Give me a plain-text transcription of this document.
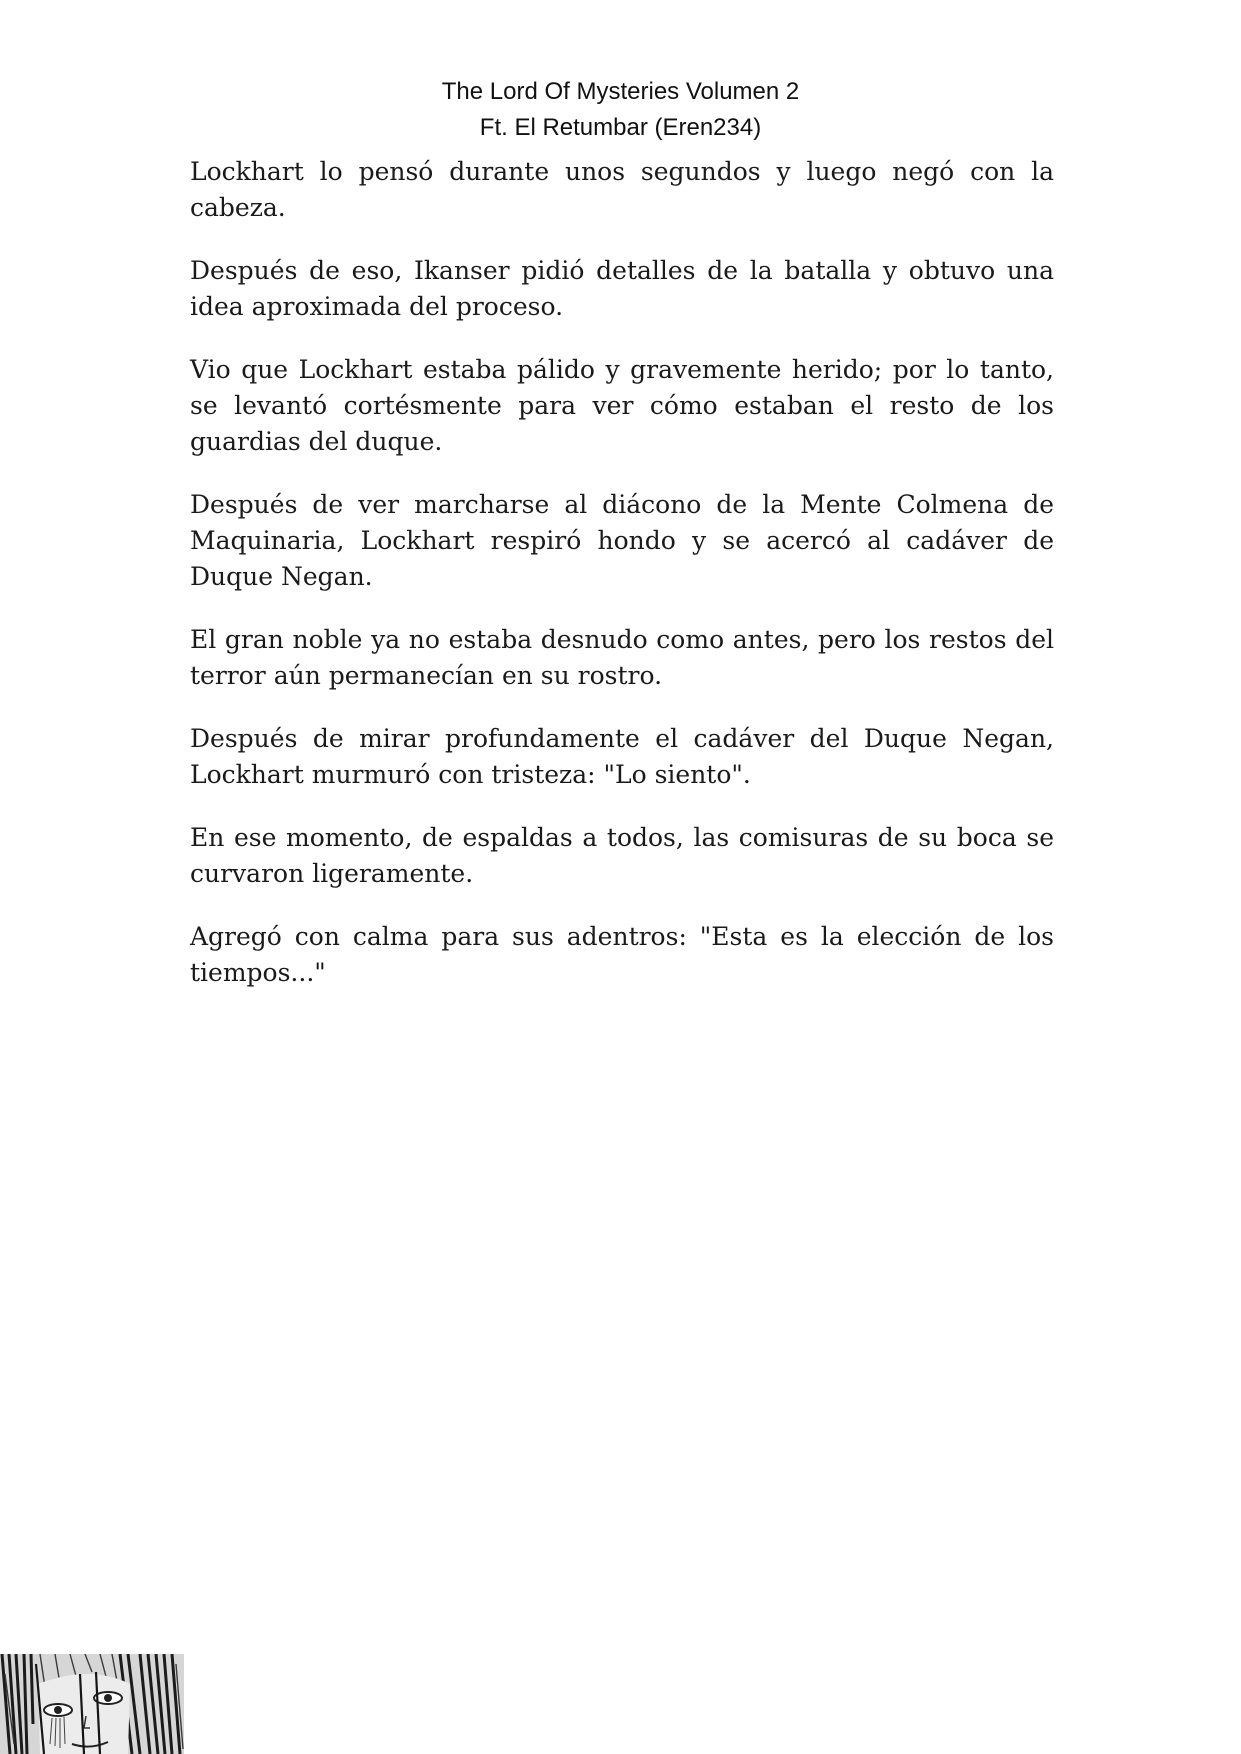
The Lord Of Mysteries Volumen 2
Ft. El Retumbar (Eren234)

Lockhart lo pensó durante unos segundos y luego negó con la cabeza.

Después de eso, Ikanser pidió detalles de la batalla y obtuvo una idea aproximada del proceso.

Vio que Lockhart estaba pálido y gravemente herido; por lo tanto, se levantó cortésmente para ver cómo estaban el resto de los guardias del duque.

Después de ver marcharse al diácono de la Mente Colmena de Maquinaria, Lockhart respiró hondo y se acercó al cadáver de Duque Negan.

El gran noble ya no estaba desnudo como antes, pero los restos del terror aún permanecían en su rostro.

Después de mirar profundamente el cadáver del Duque Negan, Lockhart murmuró con tristeza: "Lo siento".

En ese momento, de espaldas a todos, las comisuras de su boca se curvaron ligeramente.

Agregó con calma para sus adentros: "Esta es la elección de los tiempos..."
